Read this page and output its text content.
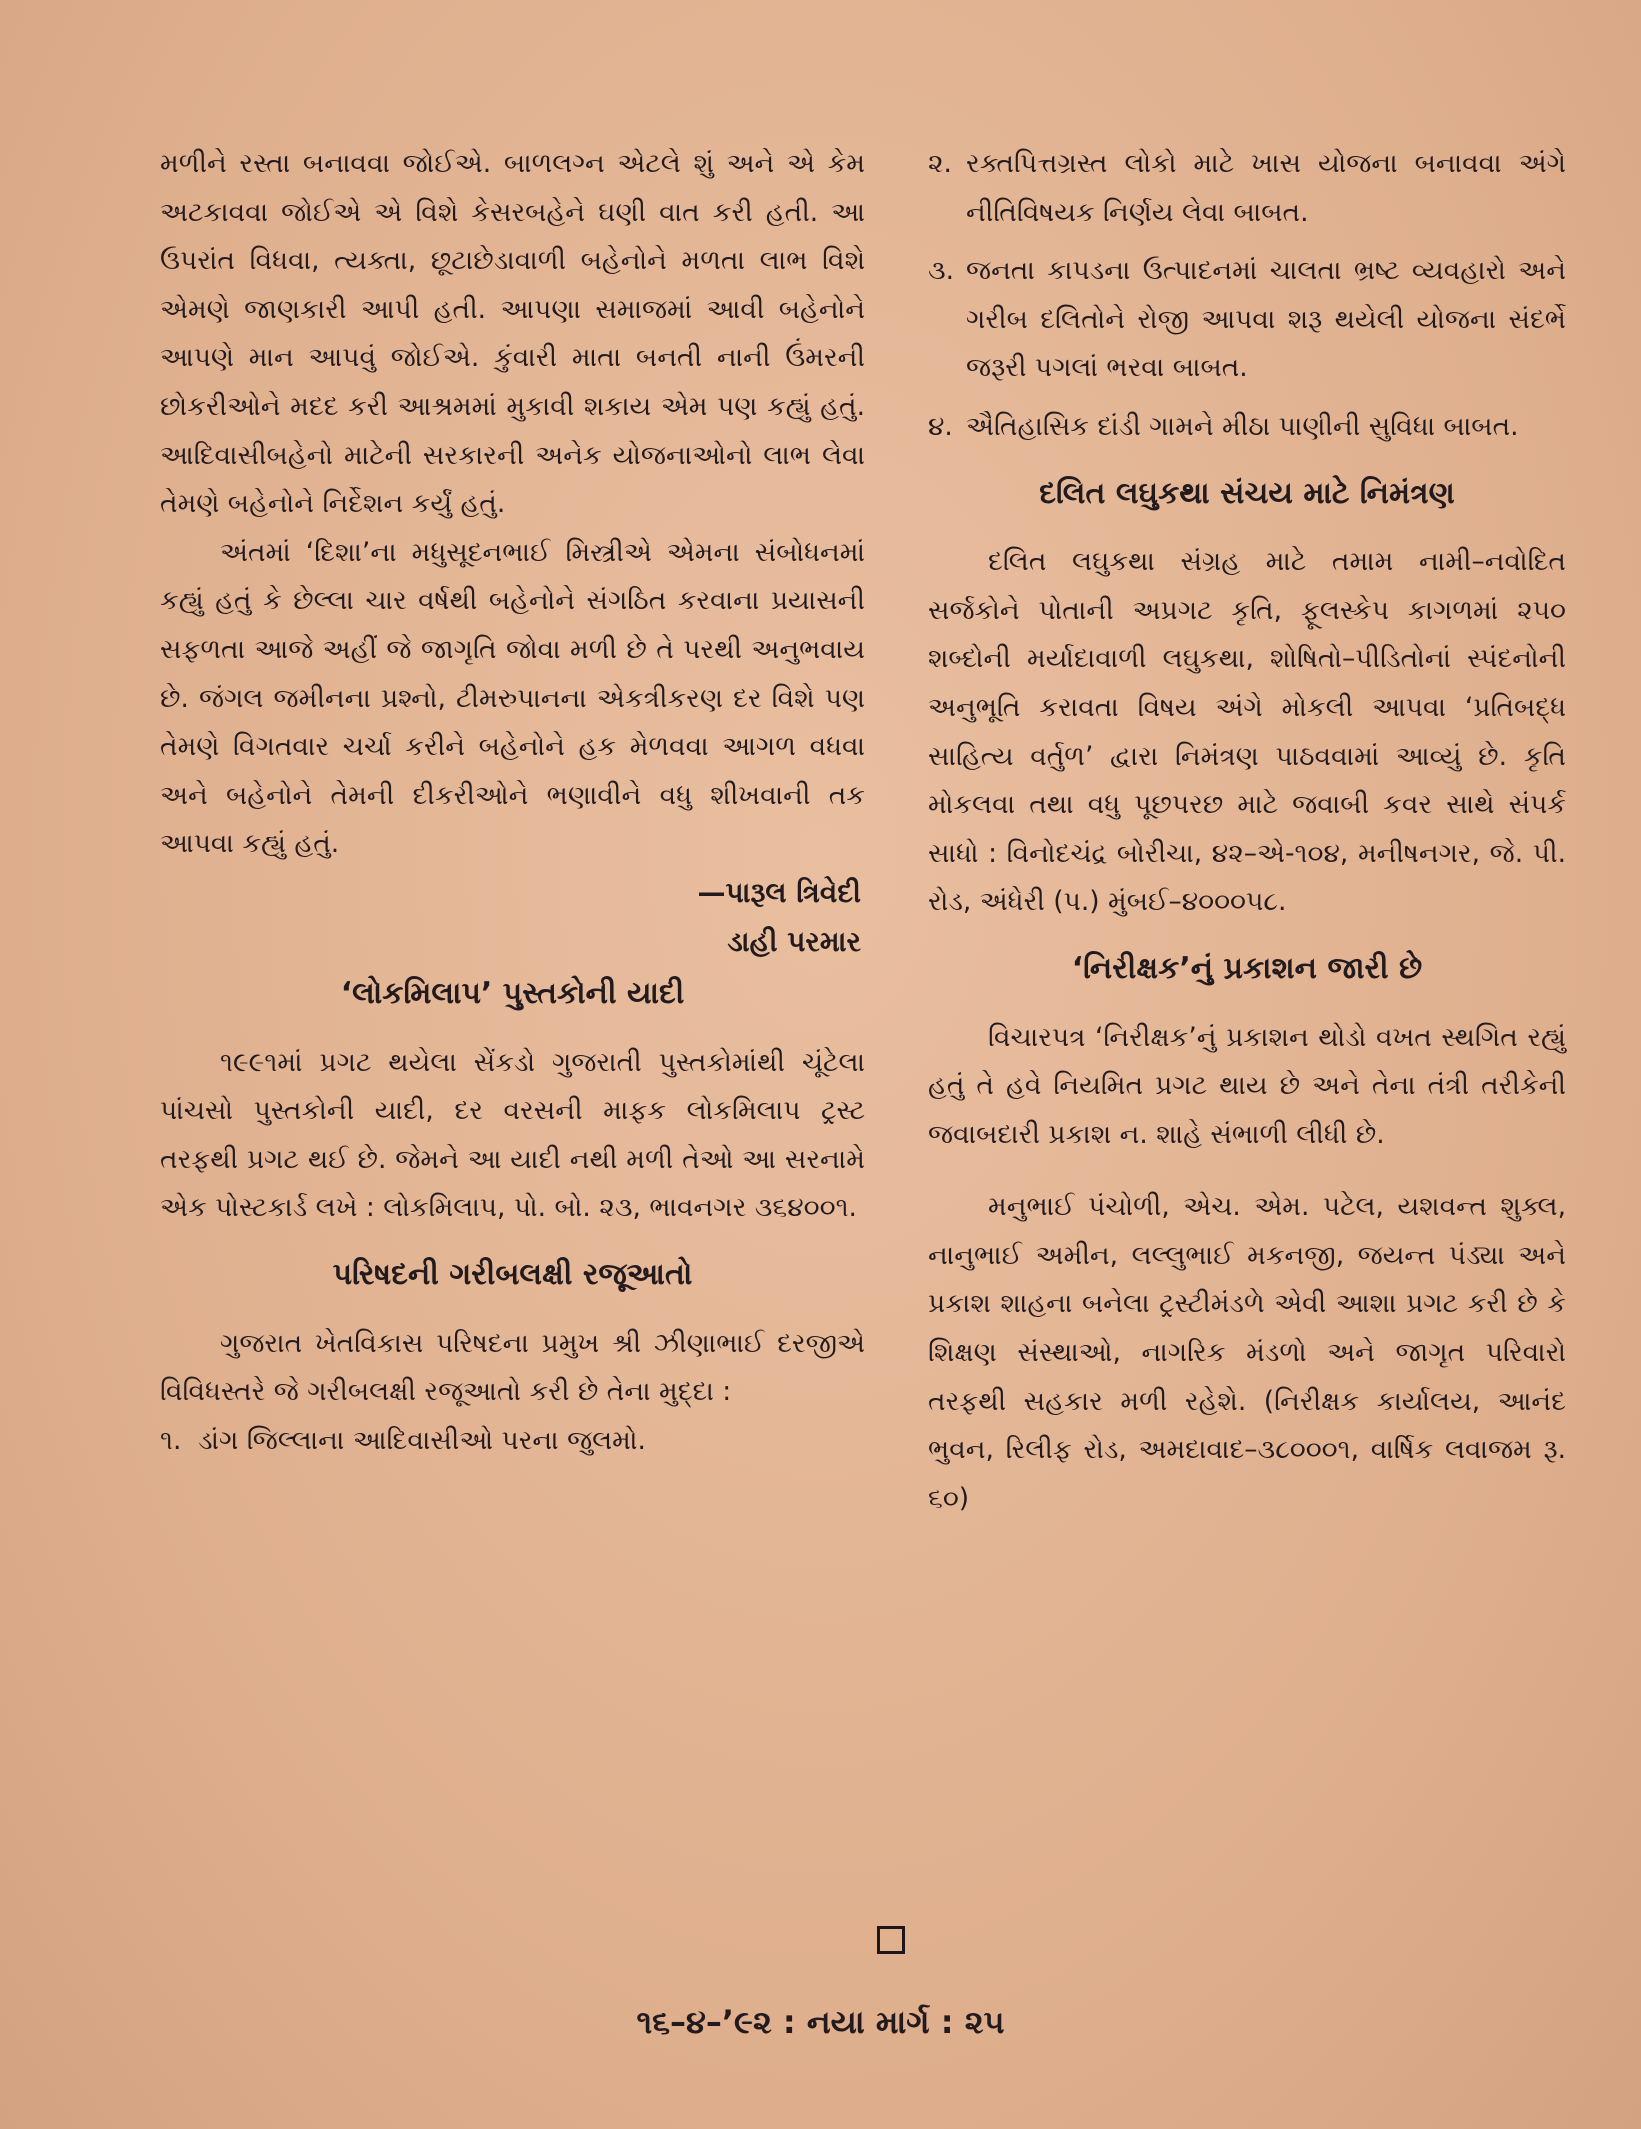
મળીને રસ્તા બનાવવા જોઈએ. બાળલગ્ન એટલે શું અને એ કેમ અટકાવવા જોઈએ એ વિશે કેસરબહેને ઘણી વાત કરી હતી. આ ઉપરાંત વિધવા, ત્યક્તા, છૂટાછેડાવાળી બહેનોને મળતા લાભ વિશે એમણે જાણકારી આપી હતી. આપણા સમાજમાં આવી બહેનોને આપણે માન આપવું જોઈએ. કુંવારી માતા બનતી નાની ઉંમરની છોકરીઓને મદદ કરી આશ્રમમાં મુકાવી શકાય એમ પણ કહ્યું હતું. આદિવાસીબહેનો માટેની સરકારની અનેક યોજનાઓનો લાભ લેવા તેમણે બહેનોને નિર્દેશન કર્યું હતું.

અંતમાં ‘દિશા’ના મધુસૂદનભાઈ મિસ્ત્રીએ એમના સંબોધનમાં કહ્યું હતું કે છેલ્લા ચાર વર્ષથી બહેનોને સંગઠિત કરવાના પ્રયાસની સફળતા આજે અહીં જે જાગૃતિ જોવા મળી છે તે પરથી અનુભવાય છે. જંગલ જમીનના પ્રશ્નો, ટીમરુપાનના એકત્રીકરણ દર વિશે પણ તેમણે વિગતવાર ચર્ચા કરીને બહેનોને હક મેળવવા આગળ વધવા અને બહેનોને તેમની દીકરીઓને ભણાવીને વધુ શીખવાની તક આપવા કહ્યું હતું.

—પારૂલ ત્રિવેદી
ડાહી પરમાર
‘લોકમિલાપ’ પુસ્તકોની યાદી

૧૯૯૧માં પ્રગટ થયેલા સેંકડો ગુજરાતી પુસ્તકોમાંથી ચૂંટેલા પાંચસો પુસ્તકોની યાદી, દર વરસની માફક લોકમિલાપ ટ્રસ્ટ તરફથી પ્રગટ થઈ છે. જેમને આ યાદી નથી મળી તેઓ આ સરનામે એક પોસ્ટકાર્ડ લખે : લોકમિલાપ, પો. બો. ૨૩, ભાવનગર ૩૬૪૦૦૧.

પરિષદની ગરીબલક્ષી રજૂઆતો

ગુજરાત ખેતવિકાસ પરિષદના પ્રમુખ શ્રી ઝીણાભાઈ દરજીએ વિવિધસ્તરે જે ગરીબલક્ષી રજૂઆતો કરી છે તેના મુદ્દા :

૧. ડાંગ જિલ્લાના આદિવાસીઓ પરના જુલમો.
૨. રક્તપિત્તગ્રસ્ત લોકો માટે ખાસ યોજના બનાવવા અંગે નીતિવિષયક નિર્ણય લેવા બાબત.
૩. જનતા કાપડના ઉત્પાદનમાં ચાલતા ભ્રષ્ટ વ્યવહારો અને ગરીબ દલિતોને રોજી આપવા શરૂ થયેલી યોજના સંદર્ભે જરૂરી પગલાં ભરવા બાબત.
૪. ઐતિહાસિક દાંડી ગામને મીઠા પાણીની સુવિધા બાબત.
દલિત લઘુકથા સંચય માટે નિમંત્રણ

દલિત લઘુકથા સંગ્રહ માટે તમામ નામી–નવોદિત સર્જકોને પોતાની અપ્રગટ કૃતિ, ફૂલસ્કેપ કાગળમાં ૨૫૦ શબ્દોની મર્યાદાવાળી લઘુકથા, શોષિતો–પીડિતોનાં સ્પંદનોની અનુભૂતિ કરાવતા વિષય અંગે મોકલી આપવા ‘પ્રતિબદ્ધ સાહિત્ય વર્તુળ’ દ્વારા નિમંત્રણ પાઠવવામાં આવ્યું છે. કૃતિ મોકલવા તથા વધુ પૂછપરછ માટે જવાબી કવર સાથે સંપર્ક સાધો : વિનોદચંદ્ર બોરીચા, ૪૨–એ-૧૦૪, મનીષનગર, જે. પી. રોડ, અંધેરી (પ.) મુંબઈ–૪૦૦૦૫૮.

‘નિરીક્ષક’નું પ્રકાશન જારી છે

વિચારપત્ર ‘નિરીક્ષક’નું પ્રકાશન થોડો વખત સ્થગિત રહ્યું હતું તે હવે નિયમિત પ્રગટ થાય છે અને તેના તંત્રી તરીકેની જવાબદારી પ્રકાશ ન. શાહે સંભાળી લીધી છે.

મનુભાઈ પંચોળી, એચ. એમ. પટેલ, યશવન્ત શુક્લ, નાનુભાઈ અમીન, લલ્લુભાઈ મકનજી, જયન્ત પંડ્યા અને પ્રકાશ શાહના બનેલા ટ્રસ્ટીમંડળે એવી આશા પ્રગટ કરી છે કે શિક્ષણ સંસ્થાઓ, નાગરિક મંડળો અને જાગૃત પરિવારો તરફથી સહકાર મળી રહેશે. (નિરીક્ષક કાર્યાલય, આનંદ ભુવન, રિલીફ રોડ, અમદાવાદ–૩૮૦૦૦૧, વાર્ષિક લવાજમ રૂ. ૬૦)

૧૬–૪–’૯૨ : નયા માર્ગ : ૨૫
